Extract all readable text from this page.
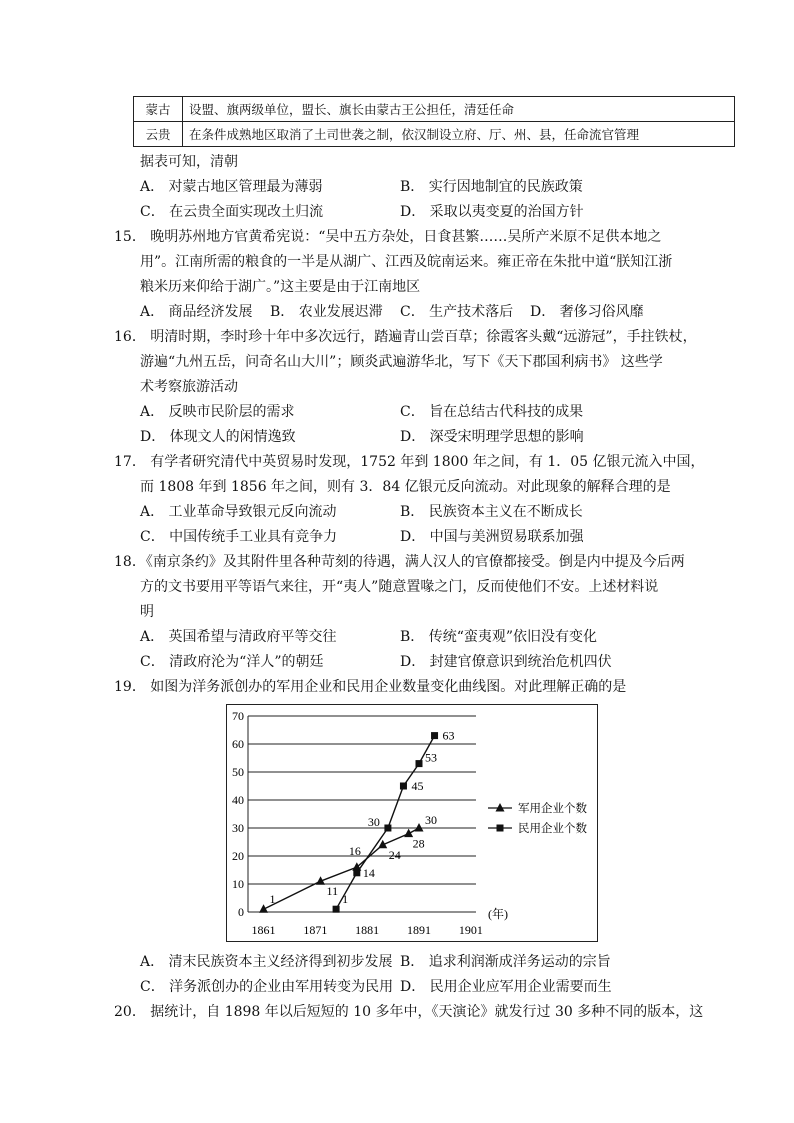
蒙古	设盟、旗两级单位，盟长、旗长由蒙古王公担任，清廷任命
云贵	在条件成熟地区取消了土司世袭之制，依汉制设立府、厅、州、县，任命流官管理
据表可知，清朝
A． 对蒙古地区管理最为薄弱	B． 实行因地制宜的民族政策
C． 在云贵全面实现改土归流	D． 采取以夷变夏的治国方针
15． 晚明苏州地方官黄希宪说：“吴中五方杂处，日食甚繁……吴所产米原不足供本地之
用”。江南所需的粮食的一半是从湖广、江西及皖南运来。雍正帝在朱批中道“朕知江浙
粮米历来仰给于湖广。”这主要是由于江南地区
A． 商品经济发展 B． 农业发展迟滞 C． 生产技术落后 D． 奢侈习俗风靡
16． 明清时期，李时珍十年中多次远行，踏遍青山尝百草；徐霞客头戴“远游冠”，手拄铁杖，
游遍“九州五岳，问奇名山大川”；顾炎武遍游华北，写下《天下郡国利病书》 这些学
术考察旅游活动
A． 反映市民阶层的需求	C． 旨在总结古代科技的成果
D． 体现文人的闲情逸致	D． 深受宋明理学思想的影响
17． 有学者研究清代中英贸易时发现，1752 年到 1800 年之间，有 1．05 亿银元流入中国，
而 1808 年到 1856 年之间，则有 3．84 亿银元反向流动。对此现象的解释合理的是
A． 工业革命导致银元反向流动	B． 民族资本主义在不断成长
C． 中国传统手工业具有竞争力	D． 中国与美洲贸易联系加强
18．《南京条约》及其附件里各种苛刻的待遇，满人汉人的官僚都接受。倒是内中提及今后两
方的文书要用平等语气来往，开“夷人”随意置喙之门，反而使他们不安。上述材料说
明
A． 英国希望与清政府平等交往	B． 传统“蛮夷观”依旧没有变化
C． 清政府沦为“洋人”的朝廷	D． 封建官僚意识到统治危机四伏
19． 如图为洋务派创办的军用企业和民用企业数量变化曲线图。对此理解正确的是
0
10
20
30
40
50
60
70
1861 1871 1881 1891 1901
(年)
1
11
16 24
28
30
1
14
30
45
53
63
军用企业个数
民用企业个数
A． 清末民族资本主义经济得到初步发展 B． 追求利润渐成洋务运动的宗旨
C． 洋务派创办的企业由军用转变为民用 D． 民用企业应军用企业需要而生
20． 据统计，自 1898 年以后短短的 10 多年中，《天演论》就发行过 30 多种不同的版本，这
